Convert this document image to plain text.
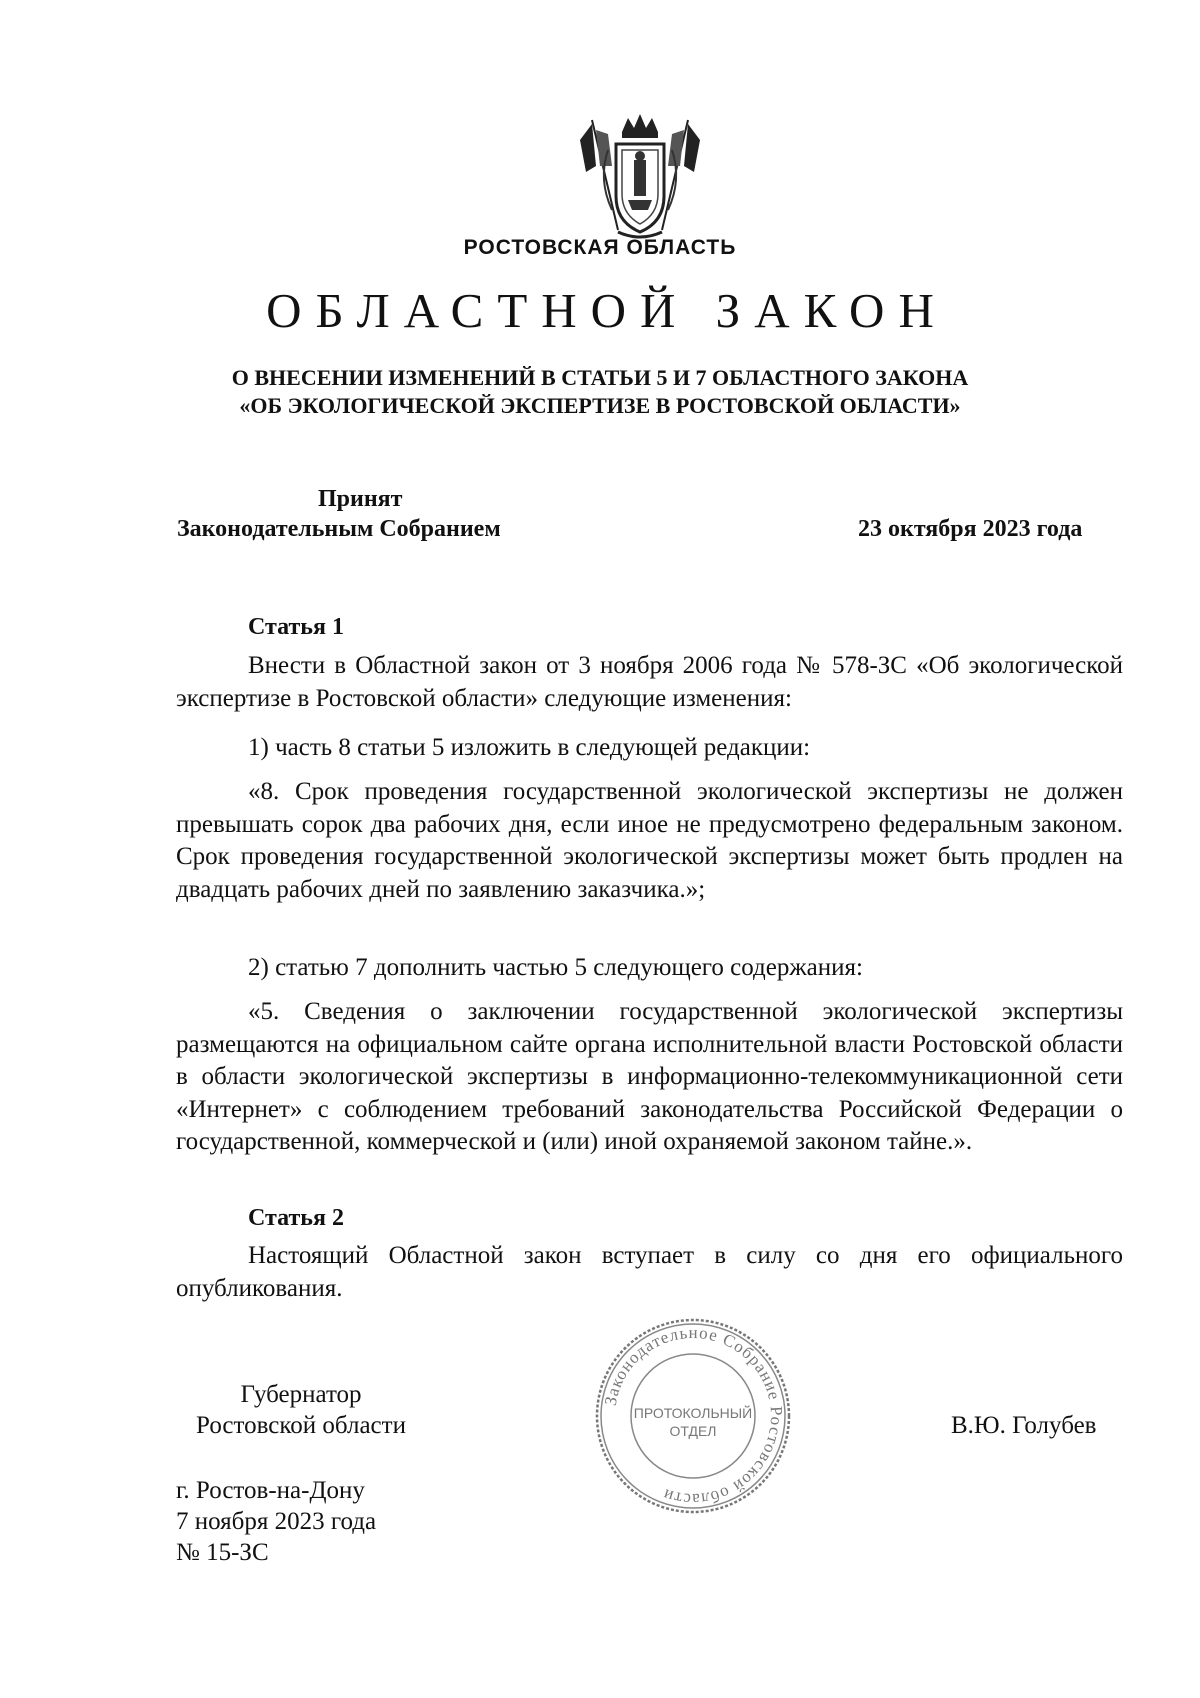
РОСТОВСКАЯ ОБЛАСТЬ
ОБЛАСТНОЙ ЗАКОН
О ВНЕСЕНИИ ИЗМЕНЕНИЙ В СТАТЬИ 5 И 7 ОБЛАСТНОГО ЗАКОНА
«ОБ ЭКОЛОГИЧЕСКОЙ ЭКСПЕРТИЗЕ В РОСТОВСКОЙ ОБЛАСТИ»
Принят
Законодательным Собранием	23 октября 2023 года
Статья 1
Внести в Областной закон от 3 ноября 2006 года № 578-ЗС «Об экологической экспертизе в Ростовской области» следующие изменения:
1) часть 8 статьи 5 изложить в следующей редакции:
«8. Срок проведения государственной экологической экспертизы не должен превышать сорок два рабочих дня, если иное не предусмотрено федеральным законом. Срок проведения государственной экологической экспертизы может быть продлен на двадцать рабочих дней по заявлению заказчика.»;
2) статью 7 дополнить частью 5 следующего содержания:
«5. Сведения о заключении государственной экологической экспертизы размещаются на официальном сайте органа исполнительной власти Ростовской области в области экологической экспертизы в информационно-телекоммуникационной сети «Интернет» с соблюдением требований законодательства Российской Федерации о государственной, коммерческой и (или) иной охраняемой законом тайне.».
Статья 2
Настоящий Областной закон вступает в силу со дня его официального опубликования.
Губернатор
Ростовской области	В.Ю. Голубев
Законодательное Собрание Ростовской области
ПРОТОКОЛЬНЫЙ
ОТДЕЛ
г. Ростов-на-Дону
7 ноября 2023 года
№ 15-ЗС
